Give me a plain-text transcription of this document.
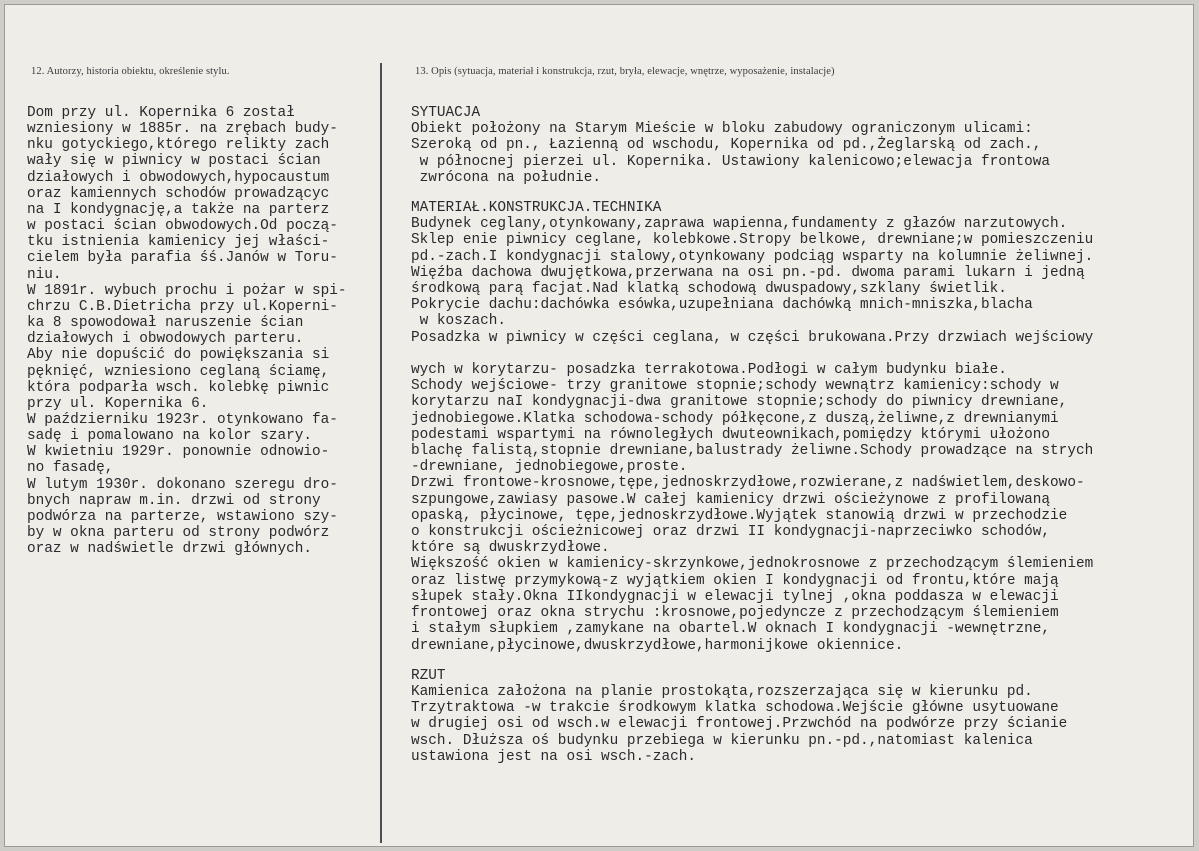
12. Autorzy, historia obiektu, określenie stylu.	13. Opis (sytuacja, materiał i konstrukcja, rzut, bryła, elewacje, wnętrze, wyposażenie, instalacje)
Dom przy ul. Kopernika 6 został
wzniesiony w 1885r. na zrębach budy-
nku gotyckiego,którego relikty zach
wały się w piwnicy w postaci ścian
działowych i obwodowych,hypocaustum
oraz kamiennych schodów prowadzącyc
na I kondygnację,a także na parterz
w postaci ścian obwodowych.Od począ-
tku istnienia kamienicy jej właści-
cielem była parafia śś.Janów w Toru-
niu.
W 1891r. wybuch prochu i pożar w spi-
chrzu C.B.Dietricha przy ul.Koperni-
ka 8 spowodował naruszenie ścian
działowych i obwodowych parteru.
Aby nie dopuścić do powiększania si
pęknięć, wzniesiono ceglaną ściamę,
która podparła wsch. kolebkę piwnic
przy ul. Kopernika 6.
W październiku 1923r. otynkowano fa-
sadę i pomalowano na kolor szary.
W kwietniu 1929r. ponownie odnowio-
no fasadę,
W lutym 1930r. dokonano szeregu dro-
bnych napraw m.in. drzwi od strony
podwórza na parterze, wstawiono szy-
by w okna parteru od strony podwórz
oraz w nadświetle drzwi głównych.
SYTUACJA
Obiekt położony na Starym Mieście w bloku zabudowy ograniczonym ulicami:
Szeroką od pn., Łazienną od wschodu, Kopernika od pd.,Żeglarską od zach.,
w północnej pierzei ul. Kopernika. Ustawiony kalenicowo;elewacja frontowa
zwrócona na południe.
MATERIAŁ.KONSTRUKCJA.TECHNIKA
Budynek ceglany,otynkowany,zaprawa wapienna,fundamenty z głazów narzutowych.
Sklep enie piwnicy ceglane, kolebkowe.Stropy belkowe, drewniane;w pomieszczeniu
pd.-zach.I kondygnacji stalowy,otynkowany podciąg wsparty na kolumnie żeliwnej.
Więźba dachowa dwujętkowa,przerwana na osi pn.-pd. dwoma parami lukarn i jedną
środkową parą facjat.Nad klatką schodową dwuspadowy,szklany świetlik.
Pokrycie dachu:dachówka esówka,uzupełniana dachówką mnich-mniszka,blacha
w koszach.
Posadzka w piwnicy w części ceglana, w części brukowana.Przy drzwiach wejściowy

wych w korytarzu- posadzka terrakotowa.Podłogi w całym budynku białe.
Schody wejściowe- trzy granitowe stopnie;schody wewnątrz kamienicy:schody w
korytarzu naI kondygnacji-dwa granitowe stopnie;schody do piwnicy drewniane,
jednobiegowe.Klatka schodowa-schody półkęcone,z duszą,żeliwne,z drewnianymi
podestami wspartymi na równoległych dwuteownikach,pomiędzy którymi ułożono
blachę falistą,stopnie drewniane,balustrady żeliwne.Schody prowadzące na strych
-drewniane, jednobiegowe,proste.
Drzwi frontowe-krosnowe,tępe,jednoskrzydłowe,rozwierane,z nadświetlem,deskowo-
szpungowe,zawiasy pasowe.W całej kamienicy drzwi ościeżynowe z profilowaną
opaską, płycinowe, tępe,jednoskrzydłowe.Wyjątek stanowią drzwi w przechodzie
o konstrukcji ościeżnicowej oraz drzwi II kondygnacji-naprzeciwko schodów,
które są dwuskrzydłowe.
Większość okien w kamienicy-skrzynkowe,jednokrosnowe z przechodzącym ślemieniem
oraz listwę przymykową-z wyjątkiem okien I kondygnacji od frontu,które mają
słupek stały.Okna IIkondygnacji w elewacji tylnej ,okna poddasza w elewacji
frontowej oraz okna strychu :krosnowe,pojedyncze z przechodzącym ślemieniem
i stałym słupkiem ,zamykane na obartel.W oknach I kondygnacji -wewnętrzne,
drewniane,płycinowe,dwuskrzydłowe,harmonijkowe okiennice.
RZUT
Kamienica założona na planie prostokąta,rozszerzająca się w kierunku pd.
Trzytraktowa -w trakcie środkowym klatka schodowa.Wejście główne usytuowane
w drugiej osi od wsch.w elewacji frontowej.Przwchód na podwórze przy ścianie
wsch. Dłuższa oś budynku przebiega w kierunku pn.-pd.,natomiast kalenica
ustawiona jest na osi wsch.-zach.
